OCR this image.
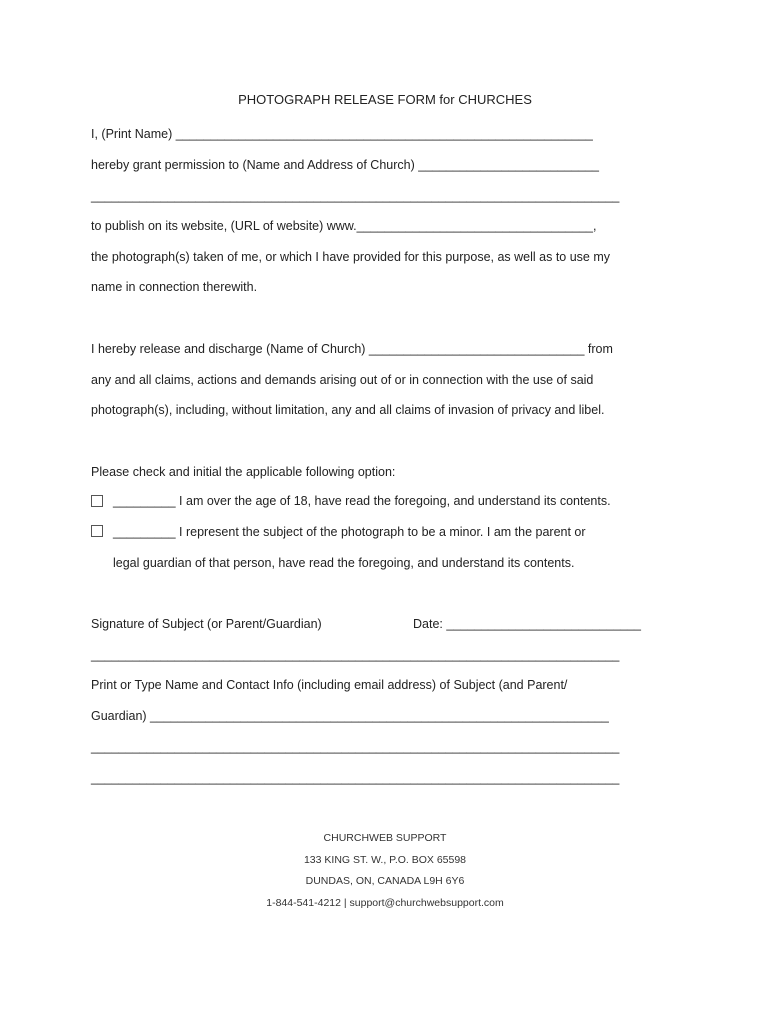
PHOTOGRAPH RELEASE FORM for CHURCHES
I, (Print Name) ____________________________________________________________
hereby grant permission to (Name and Address of Church) __________________________
____________________________________________________________________________
to publish on its website, (URL of website) www.__________________________________,
the photograph(s) taken of me, or which I have provided for this purpose, as well as to use my
name in connection therewith.
I hereby release and discharge (Name of Church) _______________________________ from
any and all claims, actions and demands arising out of or in connection with the use of said
photograph(s), including, without limitation, any and all claims of invasion of privacy and libel.
Please check and initial the applicable following option:
_________ I am over the age of 18, have read the foregoing, and understand its contents.
_________ I represent the subject of the photograph to be a minor. I am the parent or
legal guardian of that person, have read the foregoing, and understand its contents.
Signature of Subject (or Parent/Guardian)	Date: ____________________________
____________________________________________________________________________
Print or Type Name and Contact Info (including email address) of Subject (and Parent/
Guardian) __________________________________________________________________
____________________________________________________________________________
____________________________________________________________________________
CHURCHWEB SUPPORT
133 KING ST. W., P.O. BOX 65598
DUNDAS, ON, CANADA L9H 6Y6
1-844-541-4212 | support@churchwebsupport.com
